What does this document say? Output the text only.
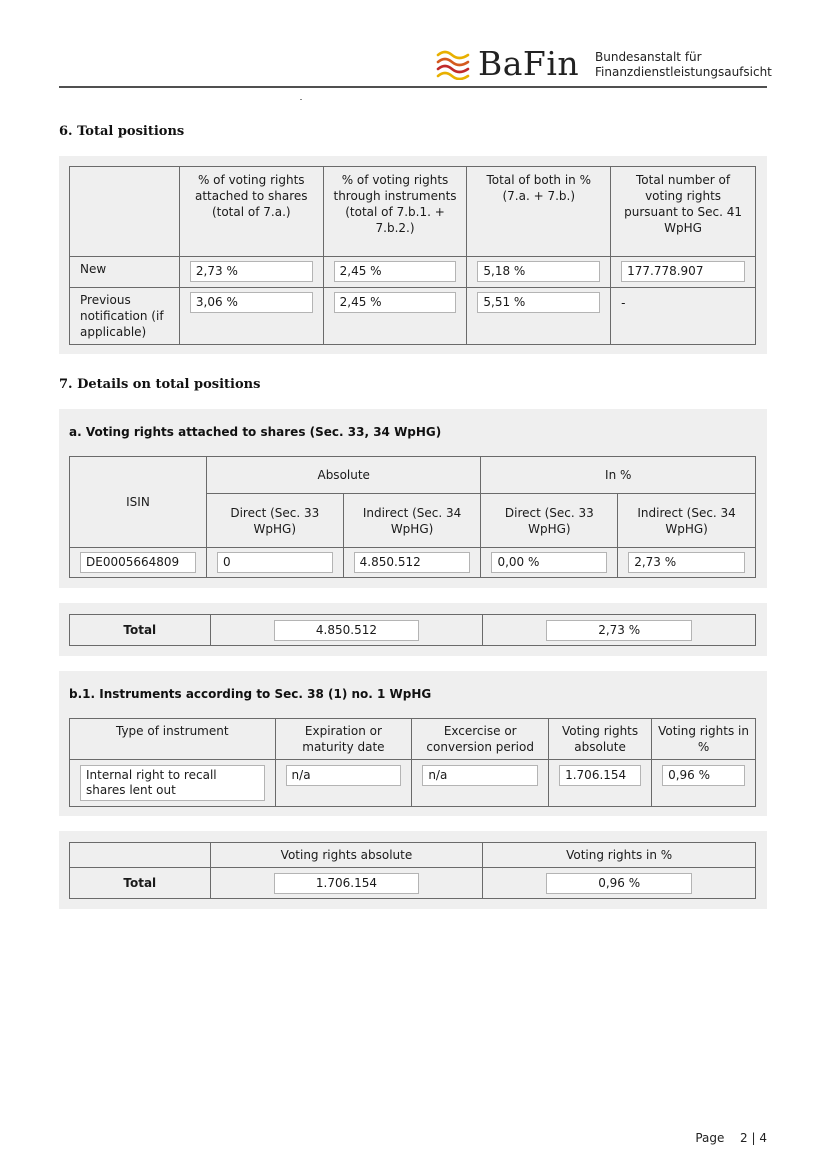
BaFin Bundesanstalt für
Finanzdienstleistungsaufsicht
6. Total positions
	% of voting rights attached to shares (total of 7.a.)	% of voting rights through instruments (total of 7.b.1. + 7.b.2.)	Total of both in % (7.a. + 7.b.)	Total number of voting rights pursuant to Sec. 41 WpHG
New	2,73 %	2,45 %	5,18 %	177.778.907

Previous notification (if applicable)	3,06 %	2,45 %	5,51 %	-
7. Details on total positions
a. Voting rights attached to shares (Sec. 33, 34 WpHG)
ISIN	Absolute		In %	
	Direct (Sec. 33 WpHG)	Indirect (Sec. 34 WpHG)	Direct (Sec. 33 WpHG)	Indirect (Sec. 34 WpHG)

DE0005664809	0	4.850.512	0,00 %	2,73 %
Total	4.850.512	2,73 %
b.1. Instruments according to Sec. 38 (1) no. 1 WpHG
Type of instrument	Expiration or maturity date	Excercise or conversion period	Voting rights absolute	Voting rights in %

Internal right to recall shares lent out	n/a	n/a	1.706.154	0,96 %
	Voting rights absolute	Voting rights in %
Total	1.706.154	0,96 %
Page 2 | 4
